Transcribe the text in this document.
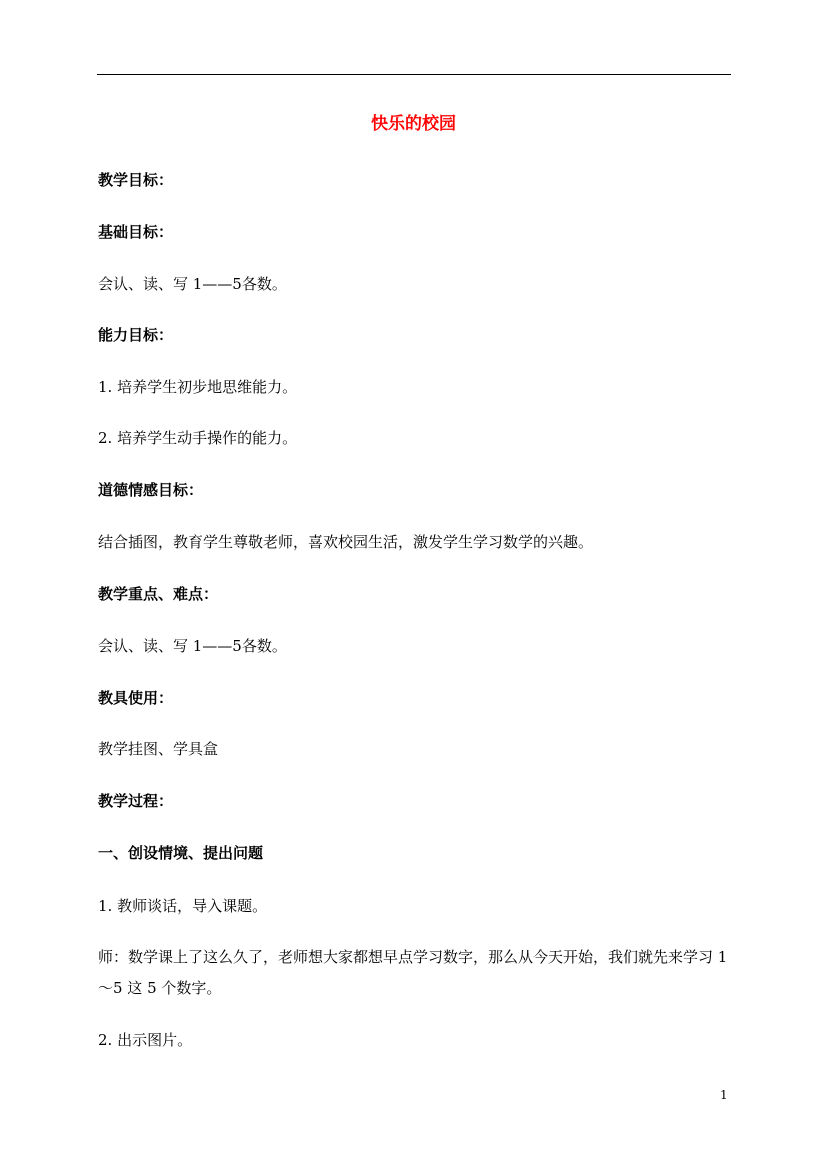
快乐的校园
教学目标：
基础目标：
会认、读、写 1——5各数。
能力目标：
1. 培养学生初步地思维能力。
2. 培养学生动手操作的能力。
道德情感目标：
结合插图，教育学生尊敬老师，喜欢校园生活，激发学生学习数学的兴趣。
教学重点、难点：
会认、读、写 1——5各数。
教具使用：
教学挂图、学具盒
教学过程：
一、创设情境、提出问题
1. 教师谈话，导入课题。
师：数学课上了这么久了，老师想大家都想早点学习数字，那么从今天开始，我们就先来学习 1～5 这 5 个数字。
2. 出示图片。
1
